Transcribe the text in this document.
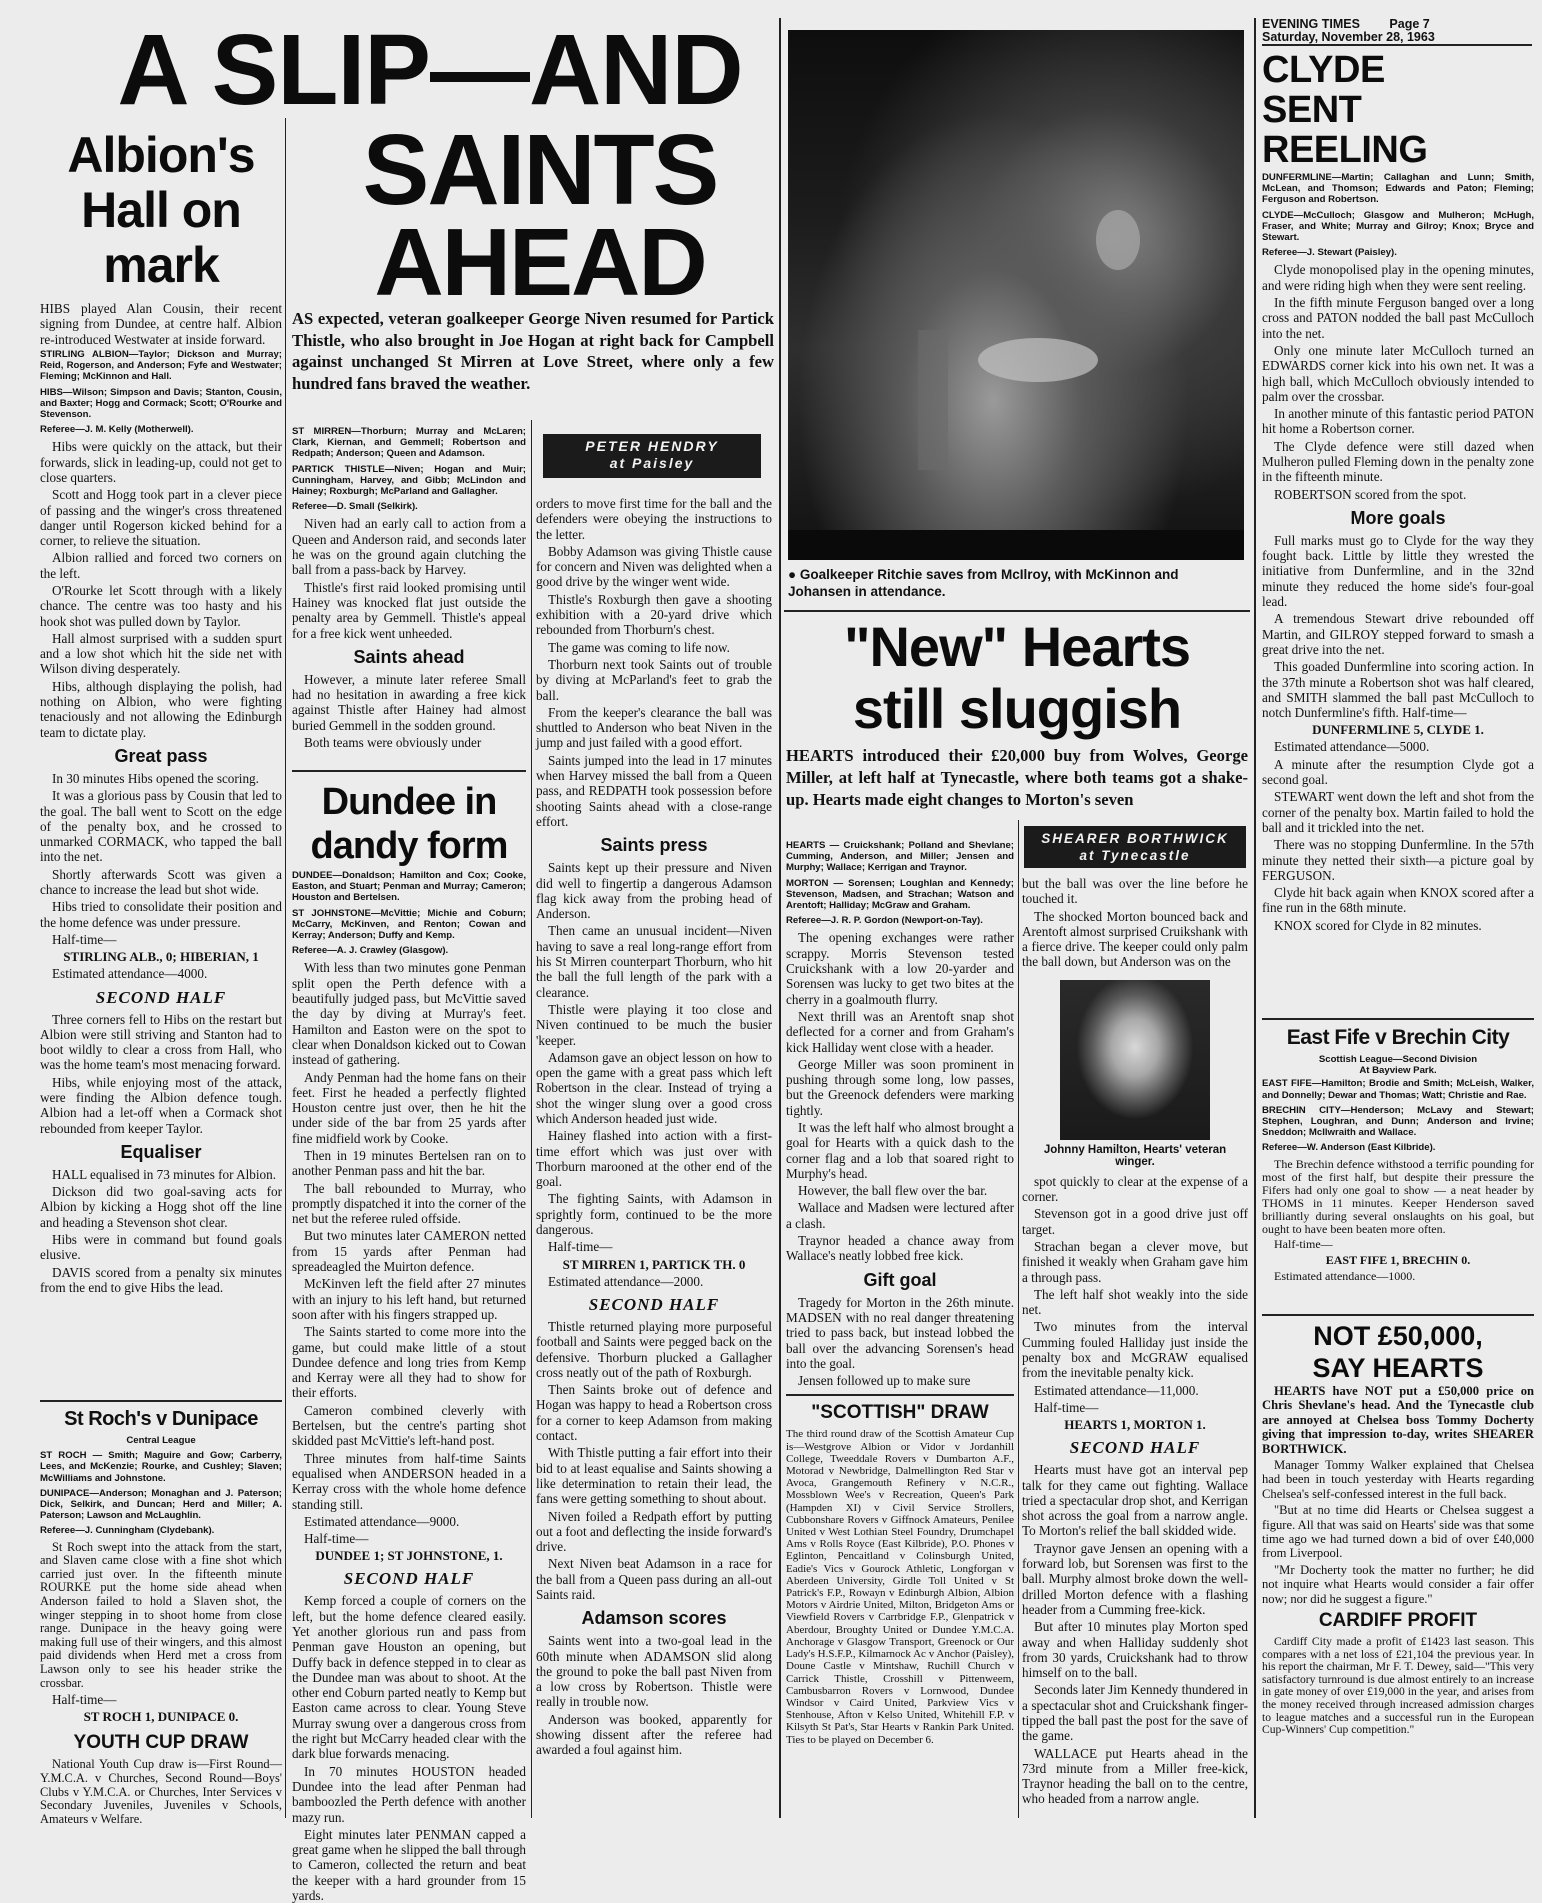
A SLIP—AND
SAINTS
AHEAD
Albion's
Hall on
mark

HIBS played Alan Cousin, their recent signing from Dundee, at centre half. Albion re-introduced Westwater at inside forward.

STIRLING ALBION—Taylor; Dickson and Murray; Reid, Rogerson, and Anderson; Fyfe and Westwater; Fleming; McKinnon and Hall.
HIBS—Wilson; Simpson and Davis; Stanton, Cousin, and Baxter; Hogg and Cormack; Scott; O'Rourke and Stevenson.
Referee—J. M. Kelly (Motherwell).

Hibs were quickly on the attack, but their forwards, slick in leading-up, could not get to close quarters.

Scott and Hogg took part in a clever piece of passing and the winger's cross threatened danger until Rogerson kicked behind for a corner, to relieve the situation.

Albion rallied and forced two corners on the left.

O'Rourke let Scott through with a likely chance. The centre was too hasty and his hook shot was pulled down by Taylor.

Hall almost surprised with a sudden spurt and a low shot which hit the side net with Wilson diving desperately.

Hibs, although displaying the polish, had nothing on Albion, who were fighting tenaciously and not allowing the Edinburgh team to dictate play.

Great pass

In 30 minutes Hibs opened the scoring.

It was a glorious pass by Cousin that led to the goal. The ball went to Scott on the edge of the penalty box, and he crossed to unmarked CORMACK, who tapped the ball into the net.

Shortly afterwards Scott was given a chance to increase the lead but shot wide.

Hibs tried to consolidate their position and the home defence was under pressure.

Half-time—

STIRLING ALB., 0; HIBERIAN, 1

Estimated attendance—4000.

SECOND HALF

Three corners fell to Hibs on the restart but Albion were still striving and Stanton had to boot wildly to clear a cross from Hall, who was the home team's most menacing forward.

Hibs, while enjoying most of the attack, were finding the Albion defence tough. Albion had a let-off when a Cormack shot rebounded from keeper Taylor.

Equaliser

HALL equalised in 73 minutes for Albion.

Dickson did two goal-saving acts for Albion by kicking a Hogg shot off the line and heading a Stevenson shot clear.

Hibs were in command but found goals elusive.

DAVIS scored from a penalty six minutes from the end to give Hibs the lead.

St Roch's v Dunipace
Central League
ST ROCH — Smith; Maguire and Gow; Carberry, Lees, and McKenzie; Rourke, and Cushley; Slaven; McWilliams and Johnstone.
DUNIPACE—Anderson; Monaghan and J. Paterson; Dick, Selkirk, and Duncan; Herd and Miller; A. Paterson; Lawson and McLaughlin.
Referee—J. Cunningham (Clydebank).

St Roch swept into the attack from the start, and Slaven came close with a fine shot which carried just over. In the fifteenth minute ROURKE put the home side ahead when Anderson failed to hold a Slaven shot, the winger stepping in to shoot home from close range. Dunipace in the heavy going were making full use of their wingers, and this almost paid dividends when Herd met a cross from Lawson only to see his header strike the crossbar.

Half-time—

ST ROCH 1, DUNIPACE 0.
YOUTH CUP DRAW

National Youth Cup draw is—First Round—Y.M.C.A. v Churches, Second Round—Boys' Clubs v Y.M.C.A. or Churches, Inter Services v Secondary Juveniles, Juveniles v Schools, Amateurs v Welfare.

AS expected, veteran goalkeeper George Niven resumed for Partick Thistle, who also brought in Joe Hogan at right back for Campbell against unchanged St Mirren at Love Street, where only a few hundred fans braved the weather.
ST MIRREN—Thorburn; Murray and McLaren; Clark, Kiernan, and Gemmell; Robertson and Redpath; Anderson; Queen and Adamson.
PARTICK THISTLE—Niven; Hogan and Muir; Cunningham, Harvey, and Gibb; McLindon and Hainey; Roxburgh; McParland and Gallagher.
Referee—D. Small (Selkirk).

Niven had an early call to action from a Queen and Anderson raid, and seconds later he was on the ground again clutching the ball from a pass-back by Harvey.

Thistle's first raid looked promising until Hainey was knocked flat just outside the penalty area by Gemmell. Thistle's appeal for a free kick went unheeded.

Saints ahead

However, a minute later referee Small had no hesitation in awarding a free kick against Thistle after Hainey had almost buried Gemmell in the sodden ground.

Both teams were obviously under

PETER HENDRY
at Paisley
Dundee in
dandy form
DUNDEE—Donaldson; Hamilton and Cox; Cooke, Easton, and Stuart; Penman and Murray; Cameron; Houston and Bertelsen.
ST JOHNSTONE—McVittie; Michie and Coburn; McCarry, McKinven, and Renton; Cowan and Kerray; Anderson; Duffy and Kemp.
Referee—A. J. Crawley (Glasgow).

With less than two minutes gone Penman split open the Perth defence with a beautifully judged pass, but McVittie saved the day by diving at Murray's feet. Hamilton and Easton were on the spot to clear when Donaldson kicked out to Cowan instead of gathering.

Andy Penman had the home fans on their feet. First he headed a perfectly flighted Houston centre just over, then he hit the under side of the bar from 25 yards after fine midfield work by Cooke.

Then in 19 minutes Bertelsen ran on to another Penman pass and hit the bar.

The ball rebounded to Murray, who promptly dispatched it into the corner of the net but the referee ruled offside.

But two minutes later CAMERON netted from 15 yards after Penman had spreadeagled the Muirton defence.

McKinven left the field after 27 minutes with an injury to his left hand, but returned soon after with his fingers strapped up.

The Saints started to come more into the game, but could make little of a stout Dundee defence and long tries from Kemp and Kerray were all they had to show for their efforts.

Cameron combined cleverly with Bertelsen, but the centre's parting shot skidded past McVittie's left-hand post.

Three minutes from half-time Saints equalised when ANDERSON headed in a Kerray cross with the whole home defence standing still.

Estimated attendance—9000.

Half-time—

DUNDEE 1; ST JOHNSTONE, 1.
SECOND HALF

Kemp forced a couple of corners on the left, but the home defence cleared easily. Yet another glorious run and pass from Penman gave Houston an opening, but Duffy back in defence stepped in to clear as the Dundee man was about to shoot. At the other end Coburn parted neatly to Kemp but Easton came across to clear. Young Steve Murray swung over a dangerous cross from the right but McCarry headed clear with the dark blue forwards menacing.

In 70 minutes HOUSTON headed Dundee into the lead after Penman had bamboozled the Perth defence with another mazy run.

Eight minutes later PENMAN capped a great game when he slipped the ball through to Cameron, collected the return and beat the keeper with a hard grounder from 15 yards.

orders to move first time for the ball and the defenders were obeying the instructions to the letter.

Bobby Adamson was giving Thistle cause for concern and Niven was delighted when a good drive by the winger went wide.

Thistle's Roxburgh then gave a shooting exhibition with a 20-yard drive which rebounded from Thorburn's chest.

The game was coming to life now.

Thorburn next took Saints out of trouble by diving at McParland's feet to grab the ball.

From the keeper's clearance the ball was shuttled to Anderson who beat Niven in the jump and just failed with a good effort.

Saints jumped into the lead in 17 minutes when Harvey missed the ball from a Queen pass, and REDPATH took possession before shooting Saints ahead with a close-range effort.

Saints press

Saints kept up their pressure and Niven did well to fingertip a dangerous Adamson flag kick away from the probing head of Anderson.

Then came an unusual incident—Niven having to save a real long-range effort from his St Mirren counterpart Thorburn, who hit the ball the full length of the park with a clearance.

Thistle were playing it too close and Niven continued to be much the busier 'keeper.

Adamson gave an object lesson on how to open the game with a great pass which left Robertson in the clear. Instead of trying a shot the winger slung over a good cross which Anderson headed just wide.

Hainey flashed into action with a first-time effort which was just over with Thorburn marooned at the other end of the goal.

The fighting Saints, with Adamson in sprightly form, continued to be the more dangerous.

Half-time—

ST MIRREN 1, PARTICK TH. 0

Estimated attendance—2000.

SECOND HALF

Thistle returned playing more purposeful football and Saints were pegged back on the defensive. Thorburn plucked a Gallagher cross neatly out of the path of Roxburgh.

Then Saints broke out of defence and Hogan was happy to head a Robertson cross for a corner to keep Adamson from making contact.

With Thistle putting a fair effort into their bid to at least equalise and Saints showing a like determination to retain their lead, the fans were getting something to shout about.

Niven foiled a Redpath effort by putting out a foot and deflecting the inside forward's drive.

Next Niven beat Adamson in a race for the ball from a Queen pass during an all-out Saints raid.

Adamson scores

Saints went into a two-goal lead in the 60th minute when ADAMSON slid along the ground to poke the ball past Niven from a low cross by Robertson. Thistle were really in trouble now.

Anderson was booked, apparently for showing dissent after the referee had awarded a foul against him.

● Goalkeeper Ritchie saves from McIlroy, with McKinnon and Johansen in attendance.
"New" Hearts
still sluggish
HEARTS introduced their £20,000 buy from Wolves, George Miller, at left half at Tynecastle, where both teams got a shake-up. Hearts made eight changes to Morton's seven
HEARTS — Cruickshank; Polland and Shevlane; Cumming, Anderson, and Miller; Jensen and Murphy; Wallace; Kerrigan and Traynor.
MORTON — Sorensen; Loughlan and Kennedy; Stevenson, Madsen, and Strachan; Watson and Arentoft; Halliday; McGraw and Graham.
Referee—J. R. P. Gordon (Newport-on-Tay).

The opening exchanges were rather scrappy. Morris Stevenson tested Cruickshank with a low 20-yarder and Sorensen was lucky to get two bites at the cherry in a goalmouth flurry.

Next thrill was an Arentoft snap shot deflected for a corner and from Graham's kick Halliday went close with a header.

George Miller was soon prominent in pushing through some long, low passes, but the Greenock defenders were marking tightly.

It was the left half who almost brought a goal for Hearts with a quick dash to the corner flag and a lob that soared right to Murphy's head.

However, the ball flew over the bar.

Wallace and Madsen were lectured after a clash.

Traynor headed a chance away from Wallace's neatly lobbed free kick.

Gift goal

Tragedy for Morton in the 26th minute. MADSEN with no real danger threatening tried to pass back, but instead lobbed the ball over the advancing Sorensen's head into the goal.

Jensen followed up to make sure

"SCOTTISH" DRAW
The third round draw of the Scottish Amateur Cup is—Westgrove Albion or Vidor v Jordanhill College, Tweeddale Rovers v Dumbarton A.F., Motorad v Newbridge, Dalmellington Red Star v Avoca, Grangemouth Refinery v N.C.R., Mossblown Wee's v Recreation, Queen's Park (Hampden XI) v Civil Service Strollers, Cubbonshare Rovers v Giffnock Amateurs, Penilee United v West Lothian Steel Foundry, Drumchapel Ams v Rolls Royce (East Kilbride), P.O. Phones v Eglinton, Pencaitland v Colinsburgh United, Eadie's Vics v Gourock Athletic, Longforgan v Aberdeen University, Girdle Toll United v St Patrick's F.P., Rowayn v Edinburgh Albion, Albion Motors v Airdrie United, Milton, Bridgeton Ams or Viewfield Rovers v Carrbridge F.P., Glenpatrick v Aberdour, Broughty United or Dundee Y.M.C.A. Anchorage v Glasgow Transport, Greenock or Our Lady's H.S.F.P., Kilmarnock Ac v Anchor (Paisley), Doune Castle v Mintshaw, Ruchill Church v Carrick Thistle, Crosshill v Pittenweem, Cambusbarron Rovers v Lornwood, Dundee Windsor v Caird United, Parkview Vics v Stenhouse, Afton v Kelso United, Whitehill F.P. v Kilsyth St Pat's, Star Hearts v Rankin Park United. Ties to be played on December 6.
SHEARER BORTHWICK
at Tynecastle

but the ball was over the line before he touched it.

The shocked Morton bounced back and Arentoft almost surprised Cruikshank with a fierce drive. The keeper could only palm the ball down, but Anderson was on the

Johnny Hamilton, Hearts' veteran winger.

spot quickly to clear at the expense of a corner.

Stevenson got in a good drive just off target.

Strachan began a clever move, but finished it weakly when Graham gave him a through pass.

The left half shot weakly into the side net.

Two minutes from the interval Cumming fouled Halliday just inside the penalty box and McGRAW equalised from the inevitable penalty kick.

Estimated attendance—11,000.

Half-time—

HEARTS 1, MORTON 1.
SECOND HALF

Hearts must have got an interval pep talk for they came out fighting. Wallace tried a spectacular drop shot, and Kerrigan shot across the goal from a narrow angle. To Morton's relief the ball skidded wide.

Traynor gave Jensen an opening with a forward lob, but Sorensen was first to the ball. Murphy almost broke down the well-drilled Morton defence with a flashing header from a Cumming free-kick.

But after 10 minutes play Morton sped away and when Halliday suddenly shot from 30 yards, Cruickshank had to throw himself on to the ball.

Seconds later Jim Kennedy thundered in a spectacular shot and Cruickshank finger-tipped the ball past the post for the save of the game.

WALLACE put Hearts ahead in the 73rd minute from a Miller free-kick, Traynor heading the ball on to the centre, who headed from a narrow angle.

EVENING TIMES Page 7
Saturday, November 28, 1963
CLYDE
SENT
REELING
DUNFERMLINE—Martin; Callaghan and Lunn; Smith, McLean, and Thomson; Edwards and Paton; Fleming; Ferguson and Robertson.
CLYDE—McCulloch; Glasgow and Mulheron; McHugh, Fraser, and White; Murray and Gilroy; Knox; Bryce and Stewart.
Referee—J. Stewart (Paisley).

Clyde monopolised play in the opening minutes, and were riding high when they were sent reeling.

In the fifth minute Ferguson banged over a long cross and PATON nodded the ball past McCulloch into the net.

Only one minute later McCulloch turned an EDWARDS corner kick into his own net. It was a high ball, which McCulloch obviously intended to palm over the crossbar.

In another minute of this fantastic period PATON hit home a Robertson corner.

The Clyde defence were still dazed when Mulheron pulled Fleming down in the penalty zone in the fifteenth minute.

ROBERTSON scored from the spot.

More goals

Full marks must go to Clyde for the way they fought back. Little by little they wrested the initiative from Dunfermline, and in the 32nd minute they reduced the home side's four-goal lead.

A tremendous Stewart drive rebounded off Martin, and GILROY stepped forward to smash a great drive into the net.

This goaded Dunfermline into scoring action. In the 37th minute a Robertson shot was half cleared, and SMITH slammed the ball past McCulloch to notch Dunfermline's fifth. Half-time—

DUNFERMLINE 5, CLYDE 1.

Estimated attendance—5000.

A minute after the resumption Clyde got a second goal.

STEWART went down the left and shot from the corner of the penalty box. Martin failed to hold the ball and it trickled into the net.

There was no stopping Dunfermline. In the 57th minute they netted their sixth—a picture goal by FERGUSON.

Clyde hit back again when KNOX scored after a fine run in the 68th minute.

KNOX scored for Clyde in 82 minutes.

East Fife v Brechin City
Scottish League—Second Division
At Bayview Park.
EAST FIFE—Hamilton; Brodie and Smith; McLeish, Walker, and Donnelly; Dewar and Thomas; Watt; Christie and Rae.
BRECHIN CITY—Henderson; McLavy and Stewart; Stephen, Loughran, and Dunn; Anderson and Irvine; Sneddon; McIlwraith and Wallace.
Referee—W. Anderson (East Kilbride).

The Brechin defence withstood a terrific pounding for most of the first half, but despite their pressure the Fifers had only one goal to show — a neat header by THOMS in 11 minutes. Keeper Henderson saved brilliantly during several onslaughts on his goal, but ought to have been beaten more often.

Half-time—

EAST FIFE 1, BRECHIN 0.

Estimated attendance—1000.

NOT £50,000,
SAY HEARTS

HEARTS have NOT put a £50,000 price on Chris Shevlane's head. And the Tynecastle club are annoyed at Chelsea boss Tommy Docherty giving that impression to-day, writes SHEARER BORTHWICK.

Manager Tommy Walker explained that Chelsea had been in touch yesterday with Hearts regarding Chelsea's self-confessed interest in the full back.

"But at no time did Hearts or Chelsea suggest a figure. All that was said on Hearts' side was that some time ago we had turned down a bid of over £40,000 from Liverpool.

"Mr Docherty took the matter no further; he did not inquire what Hearts would consider a fair offer now; nor did he suggest a figure."

CARDIFF PROFIT

Cardiff City made a profit of £1423 last season. This compares with a net loss of £21,104 the previous year. In his report the chairman, Mr F. T. Dewey, said—"This very satisfactory turnround is due almost entirely to an increase in gate money of over £19,000 in the year, and arises from the money received through increased admission charges to league matches and a successful run in the European Cup-Winners' Cup competition."
